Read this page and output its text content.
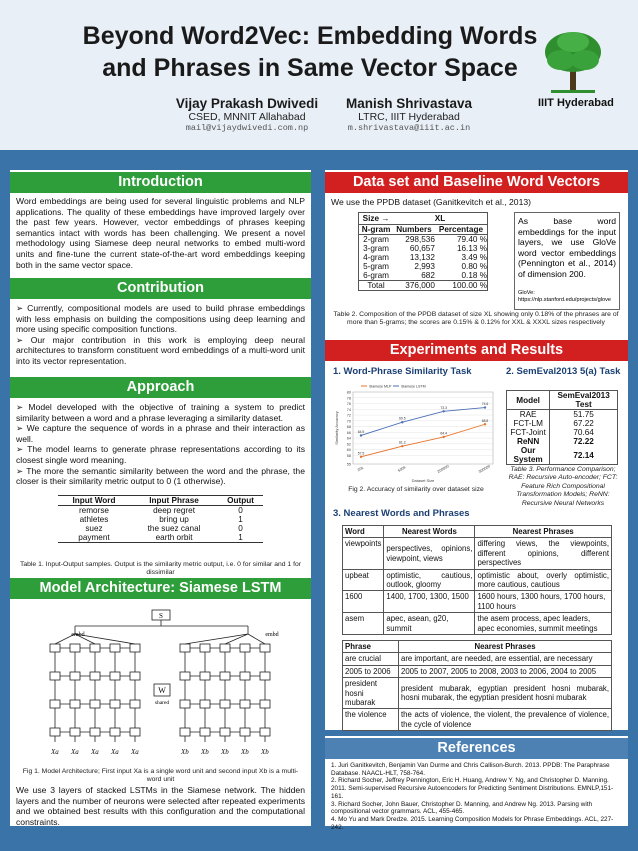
Beyond Word2Vec: Embedding Words
and Phrases in Same Vector Space
Vijay Prakash Dwivedi
CSED, MNNIT Allahabad
mail@vijaydwivedi.com.np
Manish Shrivastava
LTRC, IIIT Hyderabad
m.shrivastava@iiit.ac.in
IIIT Hyderabad
Introduction
Word embeddings are being used for several linguistic problems and NLP applications. The quality of these embeddings have improved largely over the past few years. However, vector embeddings of phrases keeping semantics intact with words has been challenging. We present a novel methodology using Siamese deep neural networks to embed multi-word units and fine-tune the current state-of-the-art word embeddings keeping both in the same vector space.
Contribution
➢ Currently, compositional models are used to build phrase embeddings with less emphasis on building the compositions using deep learning and more using specific composition functions.
➢ Our major contribution in this work is employing deep neural architectures to transform constituent word embeddings of a multi-word unit into its vector representation.
Approach
➢ Model developed with the objective of training a system to predict similarity between a word and a phrase leveraging a similarity dataset.
➢ We capture the sequence of words in a phrase and their interaction as well.
➢ The model learns to generate phrase representations according to its closest single word meaning.
➢ The more the semantic similarity between the word and the phrase, the closer is their similarity metric output to 0 (1 otherwise).
Input Word	Input Phrase	Output
remorse	deep regret	0
athletes	bring up	1
suez	the suez canal	0
payment	earth orbit	1
Table 1. Input-Output samples. Output is the similarity metric output, i.e. 0 for similar and 1 for dissimilar
Model Architecture: Siamese LSTM
S
embd	embd
W
shared
Xa Xa Xa Xa Xa	Xb Xb Xb Xb Xb
Fig 1. Model Architecture; First input Xa is a single word unit and second input Xb is a multi-word unit
We use 3 layers of stacked LSTMs in the Siamese network. The hidden layers and the number of neurons were selected after repeated experiments and we obtained best results with this configuration and the computational constraints.
Data set and Baseline Word Vectors
We use the PPDB dataset (Ganitkevitch et al., 2013)
Size →	XL	
N-gram	Numbers	Percentage
2-gram	298,536	79.40 %
3-gram	60,657	16.13 %
4-gram	13,132	3.49 %
5-gram	2,993	0.80 %
6-gram	682	0.18 %
Total	376,000	100.00 %
As base word embeddings for the input layers, we use GloVe word vector embeddings (Pennington et al., 2014) of dimension 200.
GloVe: https://nlp.stanford.edu/projects/glove
Table 2. Composition of the PPDB dataset of size XL showing only 0.18% of the phrases are of more than 5-grams; the scores are 0.15% & 0.12% for XXL & XXXL sizes respectively
Experiments and Results
1. Word-Phrase Similarity Task	2. SemEval2013 5(a) Task
55
58
60
62
64
66
68
70
72
74
76
78
80
20k	500k	200000	300000
Dataset Size
Similarity Accuracy
57.5
61.2
64.4
68.8
Siamese MLP
64.9
69.5
73.3
74.6
Siamese LSTM
Fig 2. Accuracy of similarity over dataset size
Model	SemEval2013 Test
RAE	51.75
FCT-LM	67.22
FCT-Joint	70.64
ReNN	72.22
Our System	72.14
Table 3. Performance Comparison; RAE: Recursive Auto-encoder; FCT: Feature Rich Compositional Transformation Models; ReNN: Recursive Neural Networks
3. Nearest Words and Phrases
Word	Nearest Words	Nearest Phrases
viewpoints	perspectives, opinions, viewpoint, views	differing views, the viewpoints, different opinions, different perspectives
upbeat	optimistic, cautious, outlook, gloomy	optimistic about, overly optimistic, more cautious, cautious
1600	1400, 1700, 1300, 1500	1600 hours, 1300 hours, 1700 hours, 1100 hours
asem	apec, asean, g20, summit	the asem process, apec leaders, apec economies, summit meetings
Phrase	Nearest Phrases
are crucial	are important, are needed, are essential, are necessary
2005 to 2006	2005 to 2007, 2005 to 2008, 2003 to 2006, 2004 to 2005
president hosni mubarak	president mubarak, egyptian president hosni mubarak, hosni mubarak, the egyptian president hosni mubarak
the violence	the acts of violence, the violent, the prevalence of violence, the cycle of violence
References
1. Juri Ganitkevitch, Benjamin Van Durme and Chris Callison-Burch. 2013. PPDB: The Paraphrase Database. NAACL-HLT, 758-764.
2. Richard Socher, Jeffrey Pennington, Eric H. Huang, Andrew Y. Ng, and Christopher D. Manning. 2011. Semi-supervised Recursive Autoencoders for Predicting Sentiment Distributions. EMNLP,151-161.
3. Richard Socher, John Bauer, Christopher D. Manning, and Andrew Ng. 2013. Parsing with compositional vector grammars. ACL, 455-465.
4. Mo Yu and Mark Dredze. 2015. Learning Composition Models for Phrase Embeddings. ACL, 227-242.
